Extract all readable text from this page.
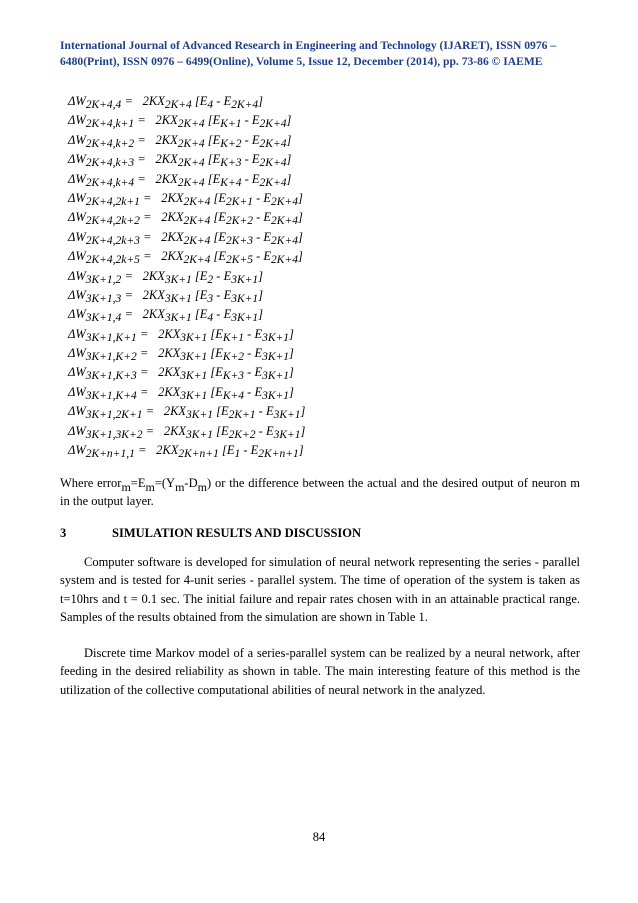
International Journal of Advanced Research in Engineering and Technology (IJARET), ISSN 0976 –
6480(Print), ISSN 0976 – 6499(Online), Volume 5, Issue 12, December (2014), pp. 73-86 © IAEME
$\Delta W_{2K+4,4} = 2KX_{2K+4}$ $[E_4 - E_{2K+4}]$
$\Delta W_{2K+4,k+1} = 2KX_{2K+4}$ $[E_{K+1} - E_{2K+4}]$
$\Delta W_{2K+4,k+2} = 2KX_{2K+4}$ $[E_{K+2} - E_{2K+4}]$
$\Delta W_{2K+4,k+3} = 2KX_{2K+4}$ $[E_{K+3} - E_{2K+4}]$
$\Delta W_{2K+4,k+4} = 2KX_{2K+4}$ $[E_{K+4} - E_{2K+4}]$
$\Delta W_{2K+4,2k+1} = 2KX_{2K+4}$ $[E_{2K+1} - E_{2K+4}]$
$\Delta W_{2K+4,2k+2} = 2KX_{2K+4}$ $[E_{2K+2} - E_{2K+4}]$
$\Delta W_{2K+4,2k+3} = 2KX_{2K+4}$ $[E_{2K+3} - E_{2K+4}]$
$\Delta W_{2K+4,2k+5} = 2KX_{2K+4}$ $[E_{2K+5} - E_{2K+4}]$
$\Delta W_{3K+1,2} = 2KX_{3K+1}$ $[E_2 - E_{3K+1}]$
$\Delta W_{3K+1,3} = 2KX_{3K+1}$ $[E_3 - E_{3K+1}]$
$\Delta W_{3K+1,4} = 2KX_{3K+1}$ $[E_4 - E_{3K+1}]$
$\Delta W_{3K+1,K+1} = 2KX_{3K+1}$ $[E_{K+1} - E_{3K+1}]$
$\Delta W_{3K+1,K+2} = 2KX_{3K+1}$ $[E_{K+2} - E_{3K+1}]$
$\Delta W_{3K+1,K+3} = 2KX_{3K+1}$ $[E_{K+3} - E_{3K+1}]$
$\Delta W_{3K+1,K+4} = 2KX_{3K+1}$ $[E_{K+4} - E_{3K+1}]$
$\Delta W_{3K+1,2K+1} = 2KX_{3K+1}$ $[E_{2K+1} - E_{3K+1}]$
$\Delta W_{3K+1,3K+2} = 2KX_{3K+1}$ $[E_{2K+2} - E_{3K+1}]$
$\Delta W_{2K+n+1,1} = 2KX_{2K+n+1}$ $[E_1 - E_{2K+n+1}]$
Where $error_m=E_m=(Y_m-D_m)$ or the difference between the actual and the desired output of neuron m in the output layer.
3	SIMULATION RESULTS AND DISCUSSION
Computer software is developed for simulation of neural network representing the series - parallel system and is tested for 4-unit series - parallel system. The time of operation of the system is taken as t=10hrs and t = 0.1 sec. The initial failure and repair rates chosen with in an attainable practical range. Samples of the results obtained from the simulation are shown in Table 1.
Discrete time Markov model of a series-parallel system can be realized by a neural network, after feeding in the desired reliability as shown in table. The main interesting feature of this method is the utilization of the collective computational abilities of neural network in the analyzed.
84
